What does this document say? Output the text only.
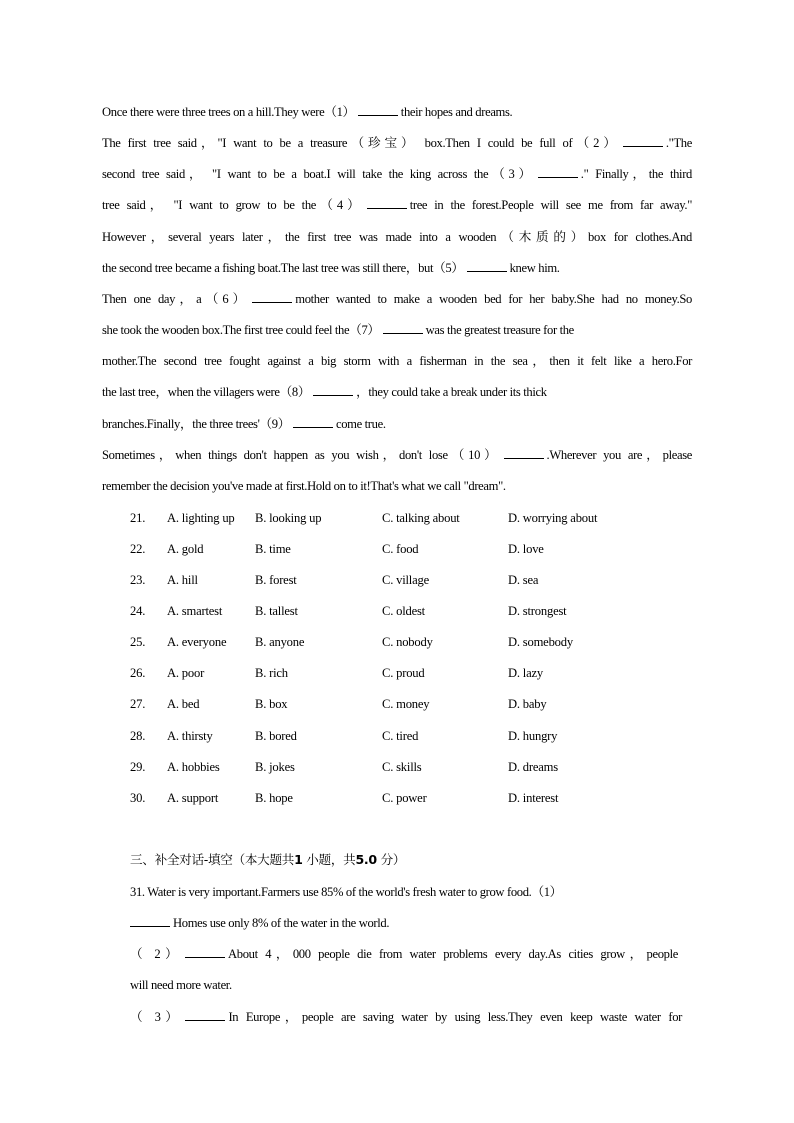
Once there were three trees on a hill.They were（1）	their hopes and dreams.
The first tree said，"I want to be a treasure（珍宝） box.Then I could be full of（2）	."The
second tree said， "I want to be a boat.I will take the king across the（3）	." Finally，the third
tree said， "I want to grow to be the（4）	tree in the forest.People will see me from far away."
However，several years later，the first tree was made into a wooden（木质的）box for clothes.And
the second tree became a fishing boat.The last tree was still there，but（5）	knew him.
Then one day，a（6）	mother wanted to make a wooden bed for her baby.She had no money.So
she took the wooden box.The first tree could feel the（7）	was the greatest treasure for the
mother.The second tree fought against a big storm with a fisherman in the sea，then it felt like a hero.For
the last tree，when the villagers were（8）	，they could take a break under its thick
branches.Finally，the three trees'（9）	come true.
Sometimes，when things don't happen as you wish，don't lose（10）	.Wherever you are，please
remember the decision you've made at first.Hold on to it!That's what we call "dream".
21. A. lighting up B. looking up	C. talking about	D. worrying about
22. A. gold	B. time	C. food	D. love
23. A. hill	B. forest	C. village	D. sea
24. A. smartest	B. tallest	C. oldest	D. strongest
25. A. everyone B. anyone	C. nobody	D. somebody
26. A. poor	B. rich	C. proud	D. lazy
27. A. bed	B. box	C. money	D. baby
28. A. thirsty	B. bored	C. tired	D. hungry
29. A. hobbies	B. jokes	C. skills	D. dreams
30. A. support	B. hope	C. power	D. interest
三、补全对话-填空（本大题共1 小题，共5.0 分）
31. Water is very important.Farmers use 85% of the world's fresh water to grow food.（1）
Homes use only 8% of the water in the world.
（ 2）	About 4，000 people die from water problems every day.As cities grow，people
will need more water.
（ 3）	In Europe，people are saving water by using less.They even keep waste water for
